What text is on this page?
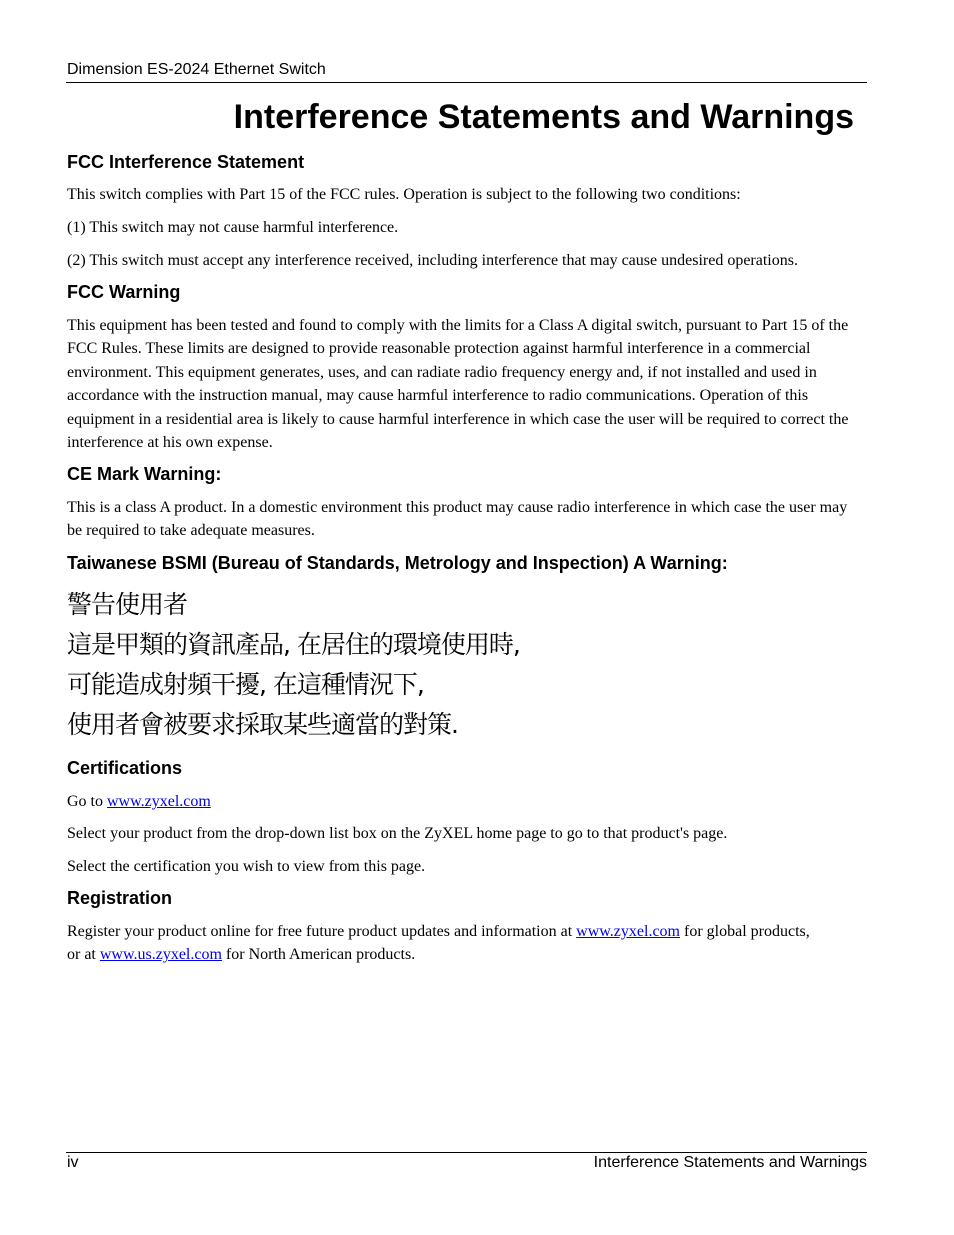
Dimension ES-2024 Ethernet Switch
Interference Statements and Warnings
FCC Interference Statement

This switch complies with Part 15 of the FCC rules. Operation is subject to the following two conditions:

(1) This switch may not cause harmful interference.

(2) This switch must accept any interference received, including interference that may cause undesired operations.

FCC Warning

This equipment has been tested and found to comply with the limits for a Class A digital switch, pursuant to Part 15 of the FCC Rules. These limits are designed to provide reasonable protection against harmful interference in a commercial environment. This equipment generates, uses, and can radiate radio frequency energy and, if not installed and used in accordance with the instruction manual, may cause harmful interference to radio communications. Operation of this equipment in a residential area is likely to cause harmful interference in which case the user will be required to correct the interference at his own expense.

CE Mark Warning:

This is a class A product. In a domestic environment this product may cause radio interference in which case the user may be required to take adequate measures.

Taiwanese BSMI (Bureau of Standards, Metrology and Inspection) A Warning:
警告使用者
這是甲類的資訊產品, 在居住的環境使用時,
可能造成射頻干擾, 在這種情況下,
使用者會被要求採取某些適當的對策.
Certifications

Go to www.zyxel.com

Select your product from the drop-down list box on the ZyXEL home page to go to that product's page.

Select the certification you wish to view from this page.

Registration

Register your product online for free future product updates and information at www.zyxel.com for global products, or at www.us.zyxel.com for North American products.

iv	Interference Statements and Warnings
